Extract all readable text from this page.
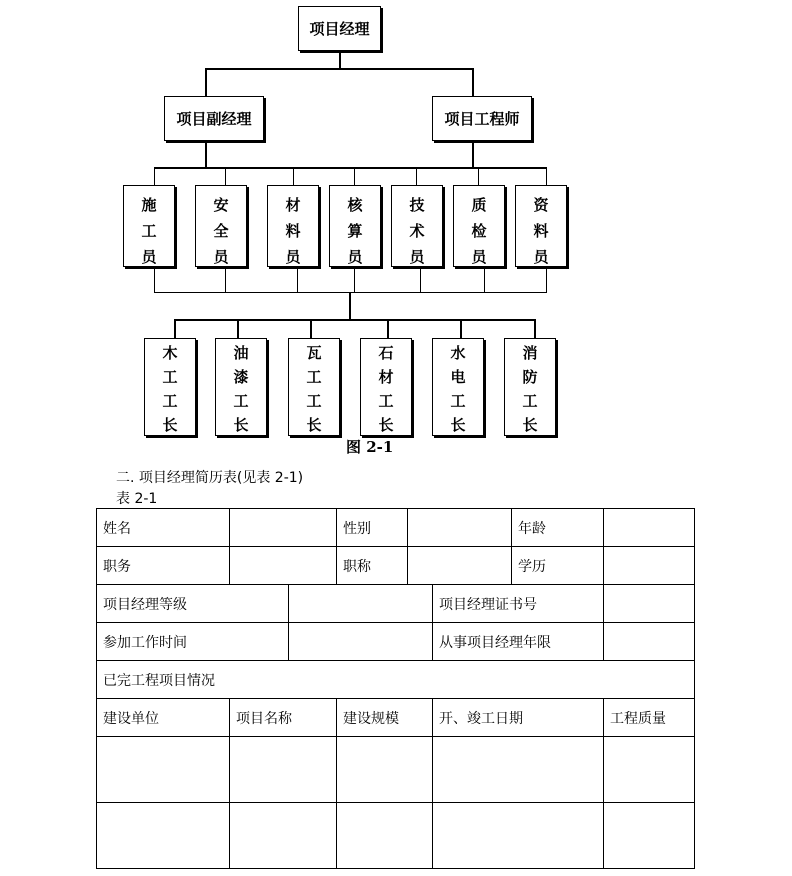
项目经理
项目副经理	项目工程师
施
工
员
安
全
员
材
料
员
核
算
员
技
术
员
质
检
员
资
料
员
木
工
工
长
油
漆
工
长
瓦
工
工
长
石
材
工
长
水
电
工
长
消
防
工
长
图 2-1
二. 项目经理简历表(见表 2-1)
表 2-1
姓名			性别			年龄	
职务			职称			学历	
项目经理等级					项目经理证书号		
参加工作时间					从事项目经理年限		
已完工程项目情况							
建设单位	项目名称		建设规模		开、竣工日期		工程质量
